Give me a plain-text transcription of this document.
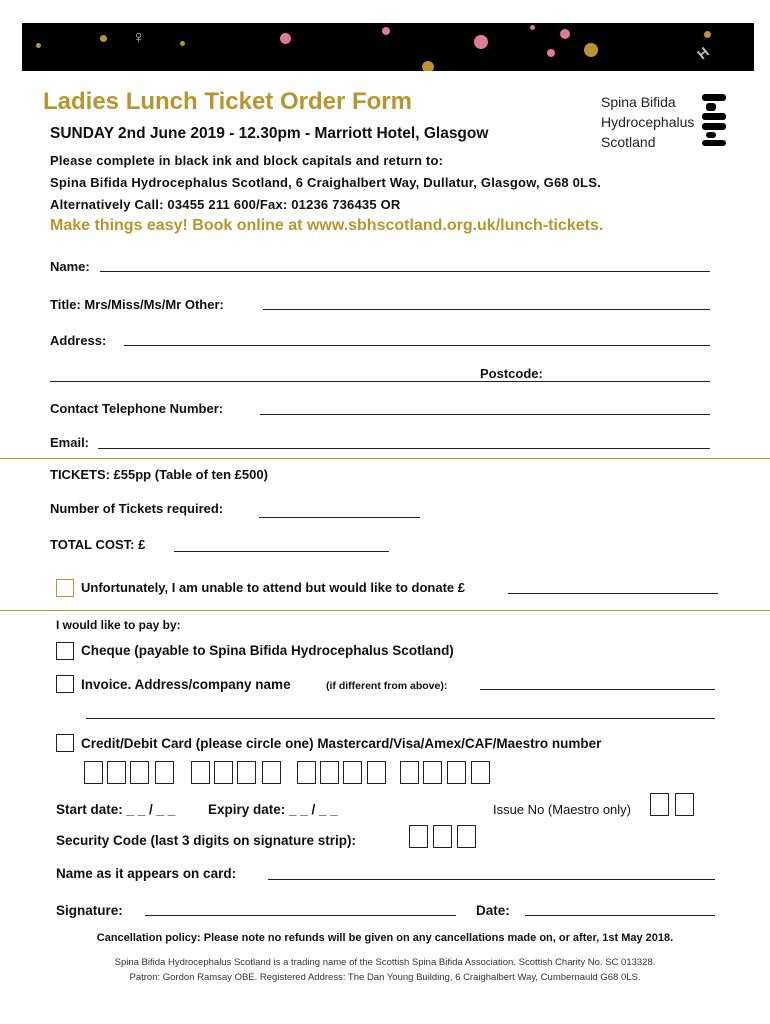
♀
H
Ladies Lunch Ticket Order Form
SUNDAY 2nd June 2019 - 12.30pm - Marriott Hotel, Glasgow
Spina Bifida
Hydrocephalus
Scotland
Please complete in black ink and block capitals and return to:
Spina Bifida Hydrocephalus Scotland, 6 Craighalbert Way, Dullatur, Glasgow, G68 0LS.
Alternatively Call: 03455 211 600/Fax: 01236 736435 OR
Make things easy! Book online at www.sbhscotland.org.uk/lunch-tickets.
Name:
Title: Mrs/Miss/Ms/Mr Other:
Address:
Postcode:
Contact Telephone Number:
Email:
TICKETS: £55pp (Table of ten £500)
Number of Tickets required:
TOTAL COST: £
Unfortunately, I am unable to attend but would like to donate £
I would like to pay by:
Cheque (payable to Spina Bifida Hydrocephalus Scotland)
Invoice. Address/company name	(if different from above):
Credit/Debit Card (please circle one) Mastercard/Visa/Amex/CAF/Maestro number
Start date: _ _ / _ _ Expiry date: _ _ / _ _	Issue No (Maestro only)
Security Code (last 3 digits on signature strip):
Name as it appears on card:
Signature:	Date:
Cancellation policy: Please note no refunds will be given on any cancellations made on, or after, 1st May 2018.
Spina Bifida Hydrocephalus Scotland is a trading name of the Scottish Spina Bifida Association. Scottish Charity No. SC 013328.
Patron: Gordon Ramsay OBE. Registered Address: The Dan Young Building, 6 Craighalbert Way, Cumbernauld G68 0LS.
